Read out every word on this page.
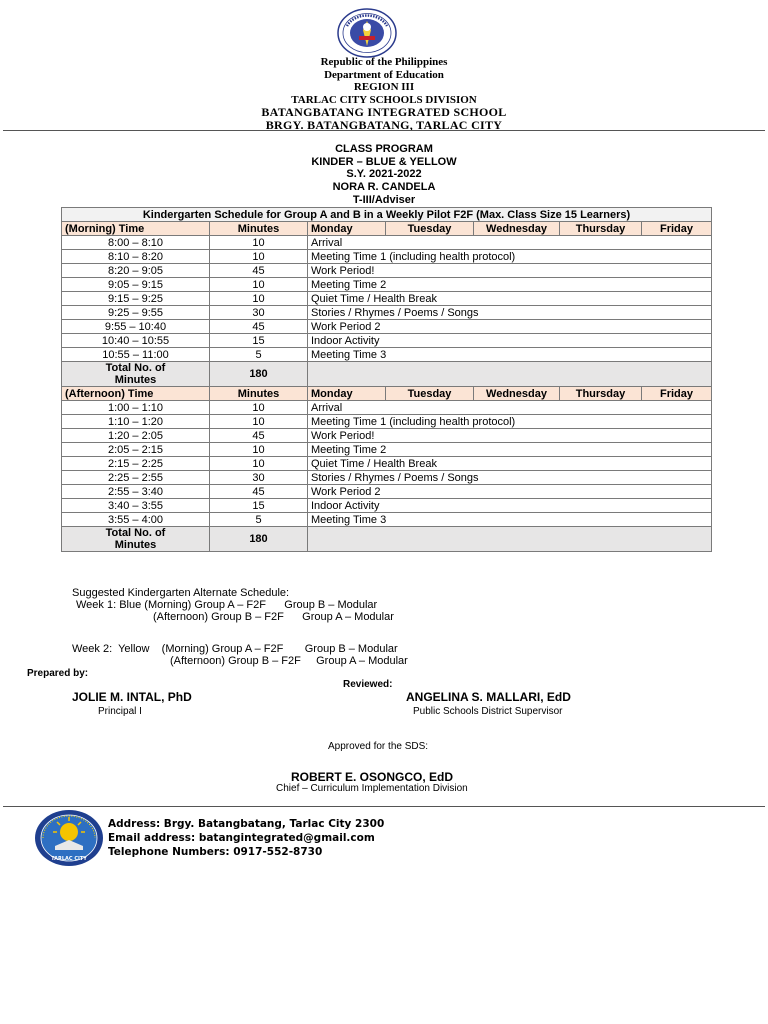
Republic of the Philippines
Department of Education
REGION III
TARLAC CITY SCHOOLS DIVISION
BATANGBATANG INTEGRATED SCHOOL
BRGY. BATANGBATANG, TARLAC CITY
CLASS PROGRAM
KINDER – BLUE & YELLOW
S.Y. 2021-2022
NORA R. CANDELA
T-III/Adviser
Kindergarten Schedule for Group A and B in a Weekly Pilot F2F (Max. Class Size 15 Learners)						
(Morning) Time	Minutes	Monday	Tuesday	Wednesday	Thursday	Friday
8:00 – 8:10	10	Arrival				
8:10 – 8:20	10	Meeting Time 1 (including health protocol)				
8:20 – 9:05	45	Work Period!				
9:05 – 9:15	10	Meeting Time 2				
9:15 – 9:25	10	Quiet Time / Health Break				
9:25 – 9:55	30	Stories / Rhymes / Poems / Songs				
9:55 – 10:40	45	Work Period 2				
10:40 – 10:55	15	Indoor Activity				
10:55 – 11:00	5	Meeting Time 3				
Total No. of
Minutes	180					
(Afternoon) Time	Minutes	Monday	Tuesday	Wednesday	Thursday	Friday
1:00 – 1:10	10	Arrival				
1:10 – 1:20	10	Meeting Time 1 (including health protocol)				
1:20 – 2:05	45	Work Period!				
2:05 – 2:15	10	Meeting Time 2				
2:15 – 2:25	10	Quiet Time / Health Break				
2:25 – 2:55	30	Stories / Rhymes / Poems / Songs				
2:55 – 3:40	45	Work Period 2				
3:40 – 3:55	15	Indoor Activity				
3:55 – 4:00	5	Meeting Time 3				
Total No. of
Minutes	180					
Suggested Kindergarten Alternate Schedule:
Week 1: Blue (Morning) Group A – F2F      Group B – Modular
(Afternoon) Group B – F2F      Group A – Modular
Week 2:  Yellow    (Morning) Group A – F2F       Group B – Modular
(Afternoon) Group B – F2F     Group A – Modular
Prepared by:
Reviewed:
JOLIE M. INTAL, PhD
Principal I
ANGELINA S. MALLARI, EdD
Public Schools District Supervisor
Approved for the SDS:
ROBERT E. OSONGCO, EdD
Chief – Curriculum Implementation Division
TARLAC CITY
Address: Brgy. Batangbatang, Tarlac City 2300
Email address: batangintegrated@gmail.com
Telephone Numbers: 0917-552-8730
